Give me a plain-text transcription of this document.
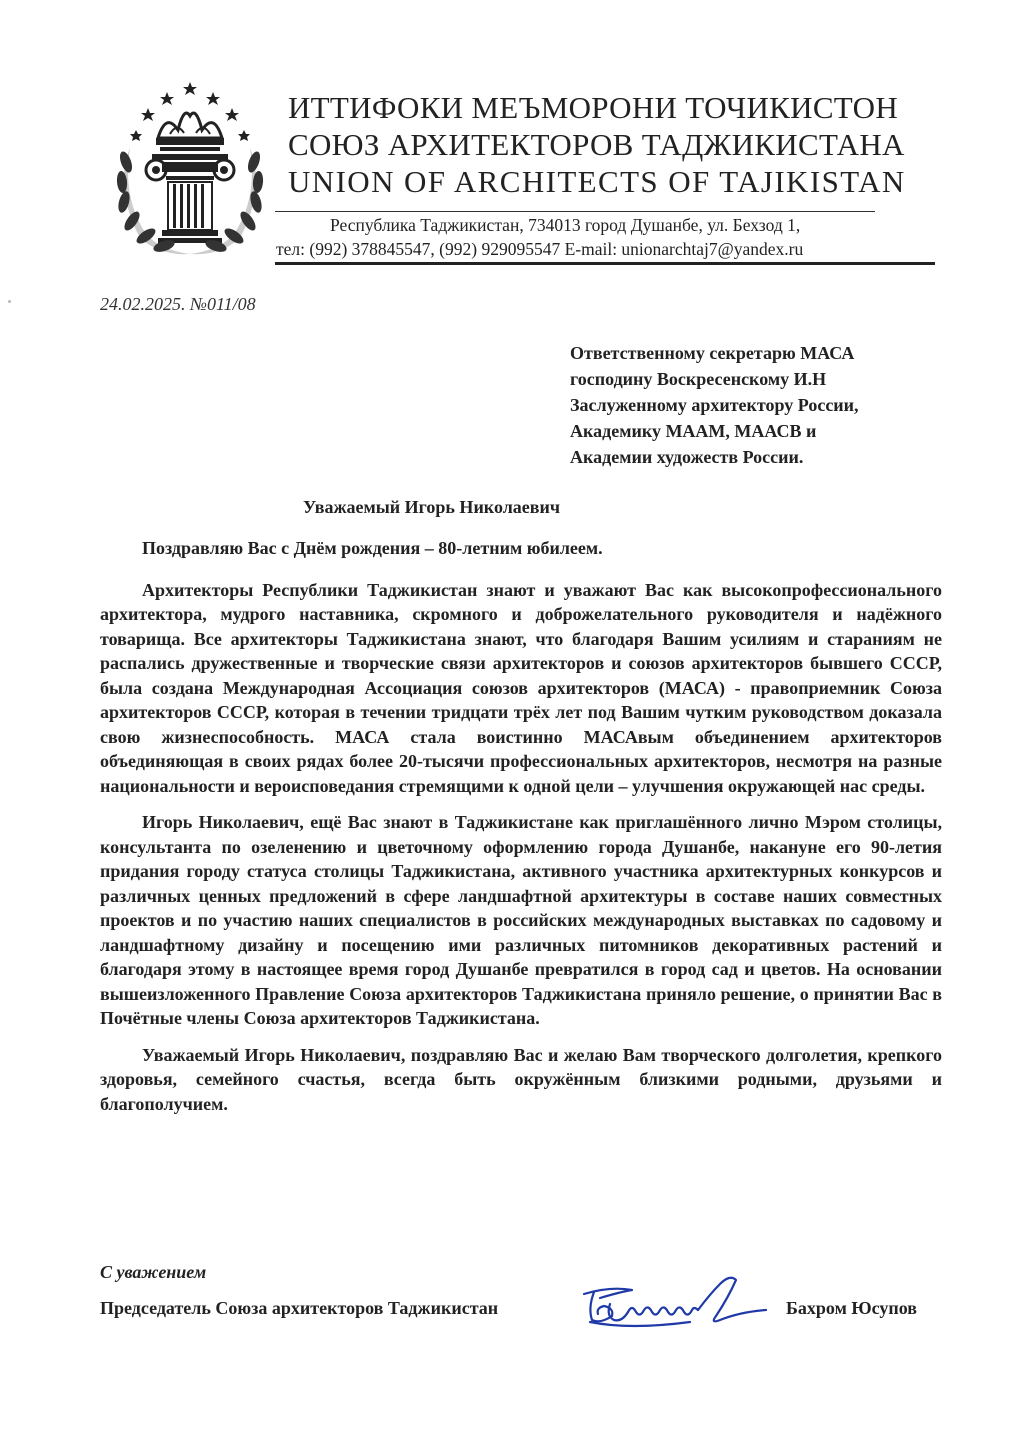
ИТТИФОКИ МЕЪМОРОНИ ТОЧИКИСТОН
СОЮЗ АРХИТЕКТОРОВ ТАДЖИКИСТАНА
UNION OF ARCHITECTS OF TAJIKISTAN
Республика Таджикистан, 734013 город Душанбе, ул. Бехзод 1,
тел: (992) 378845547, (992) 929095547 E-mail: unionarchtaj7@yandex.ru
24.02.2025. №011/08
Ответственному секретарю МАСА
господину Воскресенскому И.Н
Заслуженному архитектору России,
Академику МААМ, МААСВ и
Академии художеств России.
Уважаемый Игорь Николаевич

Поздравляю Вас с Днём рождения – 80-летним юбилеем.

Архитекторы Республики Таджикистан знают и уважают Вас как высокопрофессионального архитектора, мудрого наставника, скромного и доброжелательного руководителя и надёжного товарища. Все архитекторы Таджикистана знают, что благодаря Вашим усилиям и стараниям не распались дружественные и творческие связи архитекторов и союзов архитекторов бывшего СССР, была создана Международная Ассоциация союзов архитекторов (МАСА) - правоприемник Союза архитекторов СССР, которая в течении тридцати трёх лет под Вашим чутким руководством доказала свою жизнеспособность. МАСА стала воистинно МАСАвым объединением архитекторов объединяющая в своих рядах более 20-тысячи профессиональных архитекторов, несмотря на разные национальности и вероисповедания стремящими к одной цели – улучшения окружающей нас среды.

Игорь Николаевич, ещё Вас знают в Таджикистане как приглашённого лично Мэром столицы, консультанта по озеленению и цветочному оформлению города Душанбе, накануне его 90-летия придания городу статуса столицы Таджикистана, активного участника архитектурных конкурсов и различных ценных предложений в сфере ландшафтной архитектуры в составе наших совместных проектов и по участию наших специалистов в российских международных выставках по садовому и ландшафтному дизайну и посещению ими различных питомников декоративных растений и благодаря этому в настоящее время город Душанбе превратился в город сад и цветов. На основании вышеизложенного Правление Союза архитекторов Таджикистана приняло решение, о принятии Вас в Почётные члены Союза архитекторов Таджикистана.

Уважаемый Игорь Николаевич, поздравляю Вас и желаю Вам творческого долголетия, крепкого здоровья, семейного счастья, всегда быть окружённым близкими родными, друзьями и благополучием.

С уважением
Председатель Союза архитекторов Таджикистан	Бахром Юсупов
